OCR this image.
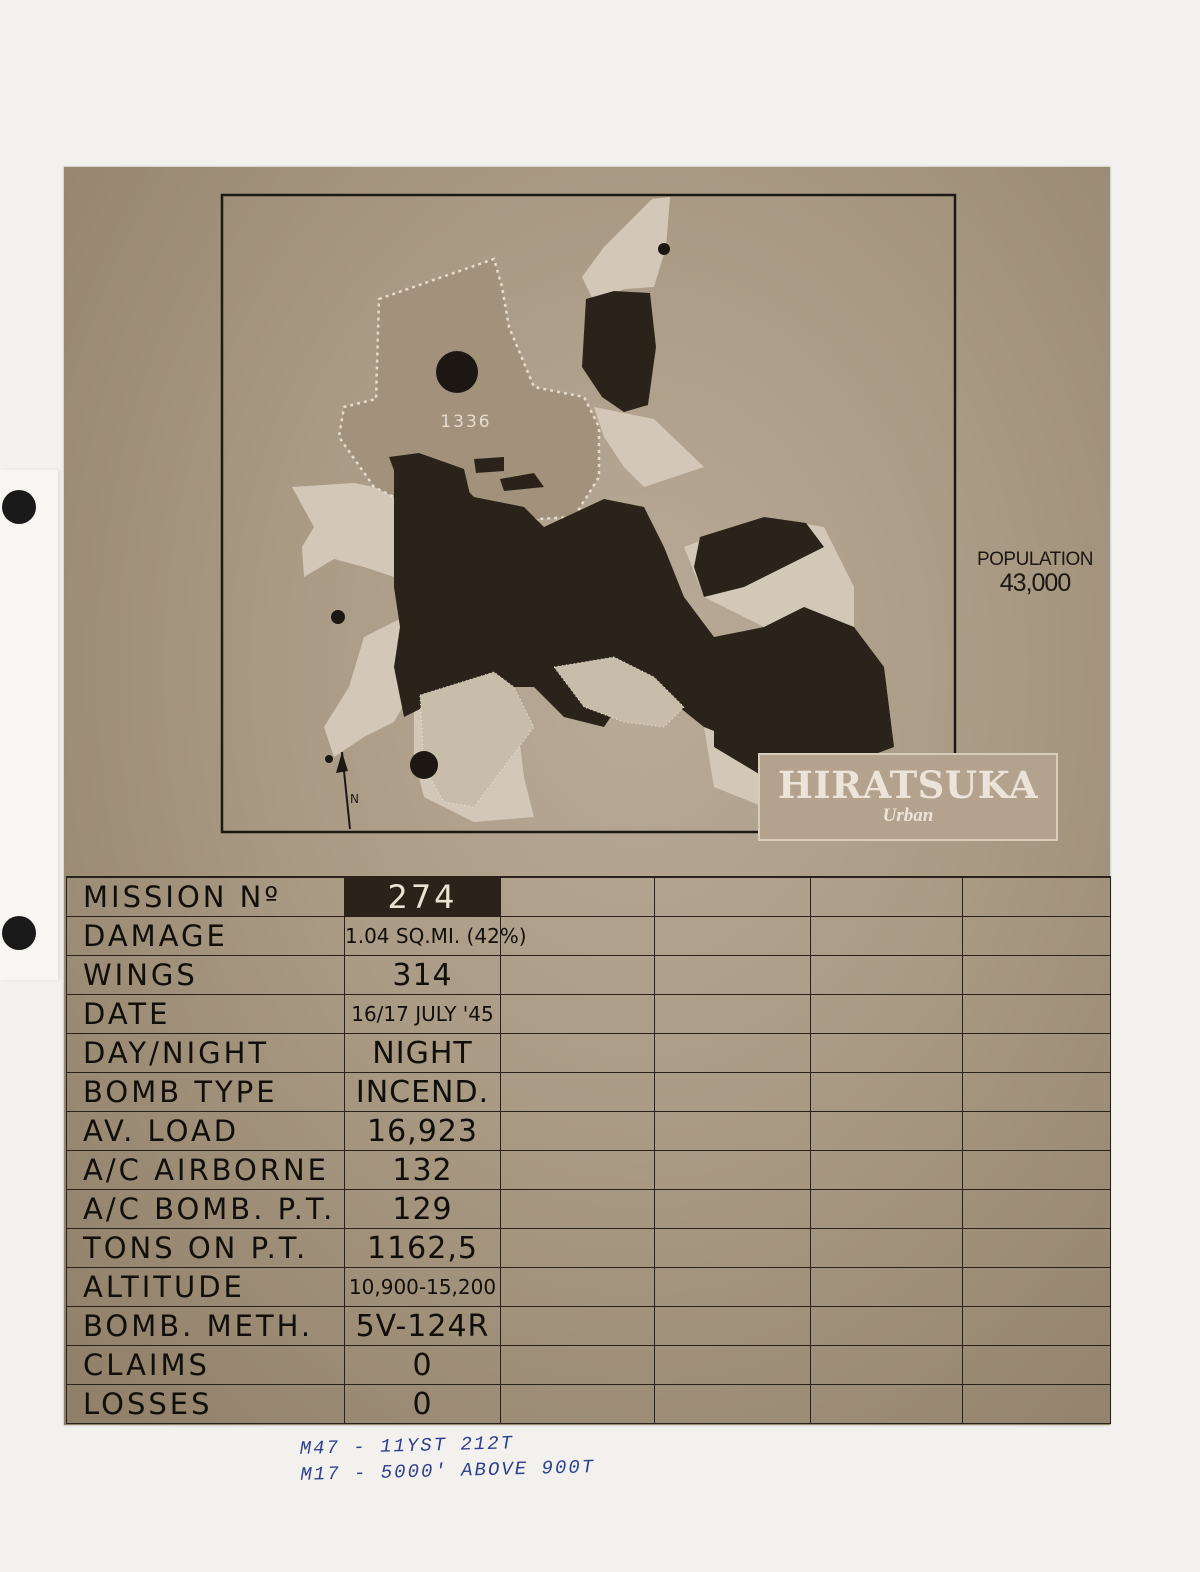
1336
N
POPULATION
43,000
HIRATSUKA
Urban
MISSION Nº	274				
DAMAGE	1.04 SQ.MI. (42%)				
WINGS	314				
DATE	16/17 JULY '45				
DAY/NIGHT	NIGHT				
BOMB TYPE	INCEND.				
AV. LOAD	16,923				
A/C AIRBORNE	132				
A/C BOMB. P.T.	129				
TONS ON P.T.	1162,5				
ALTITUDE	10,900-15,200				
BOMB. METH.	5V-124R				
CLAIMS	0				
LOSSES	0				
M47 - 11YST 212T
M17 - 5000' ABOVE 900T
